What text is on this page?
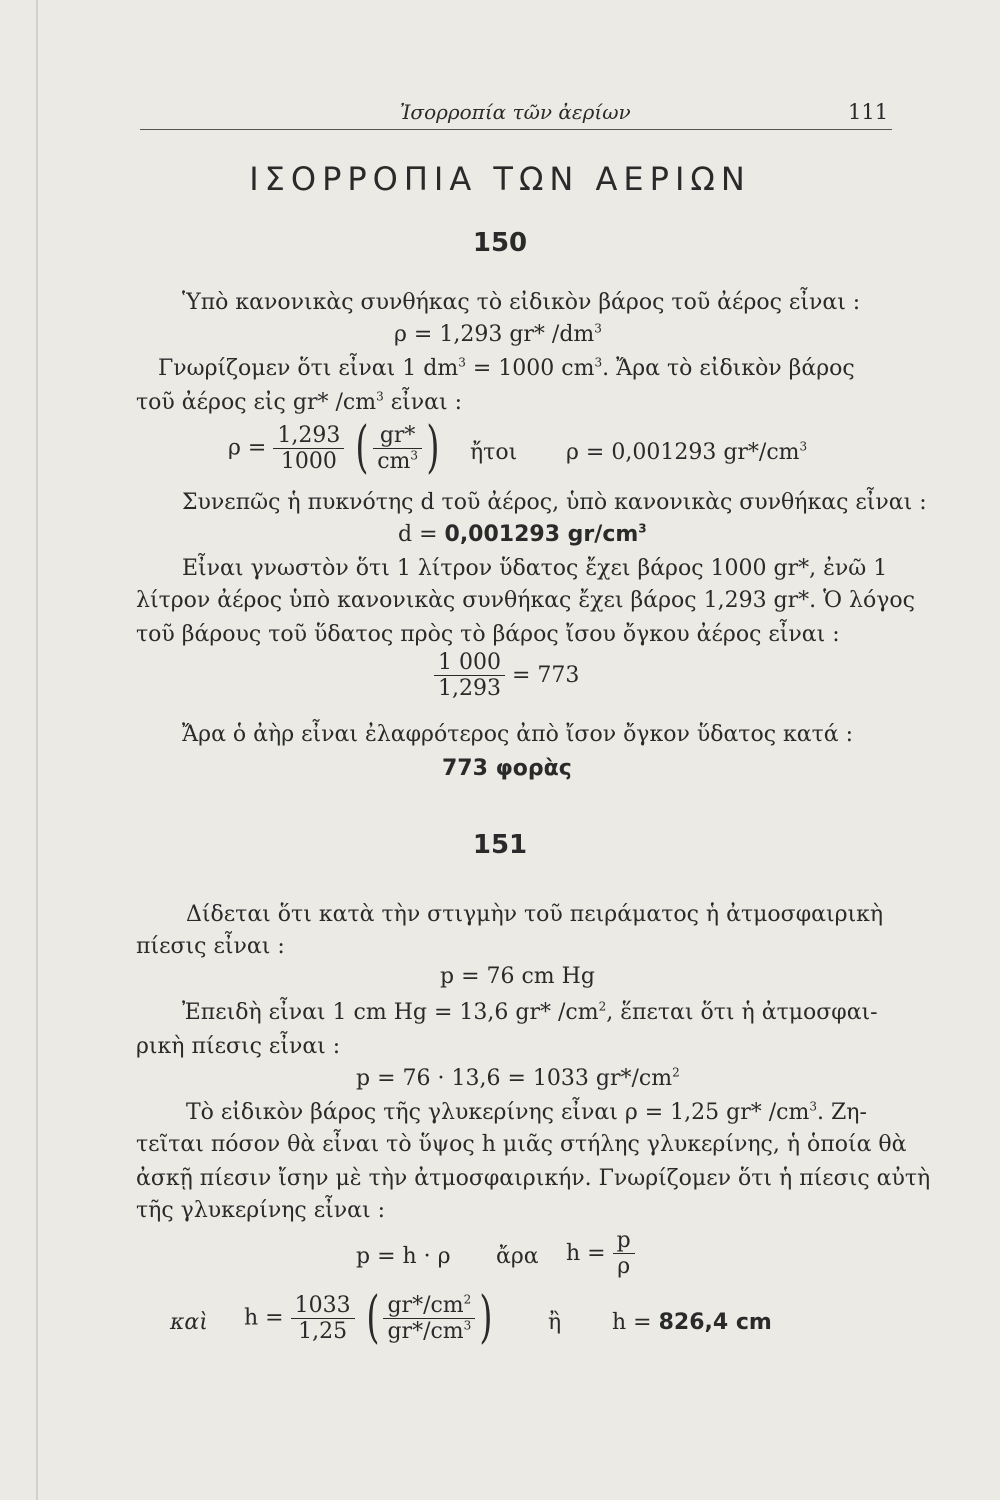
Ἰσορροπία τῶν ἀερίων	111
ΙΣΟΡΡΟΠΙΑ ΤΩΝ ΑΕΡΙΩΝ
150
Ὑπὸ κανονικὰς συνθήκας τὸ εἰδικὸν βάρος τοῦ ἀέρος εἶναι :
ρ = 1,293 gr* $/dm^3$
Γνωρίζομεν ὅτι εἶναι 1 $dm^3 = 1000$ $cm^3$. Ἄρα τὸ εἰδικὸν βάρος
τοῦ ἀέρος εἰς gr* $/cm^3$ εἶναι :
$\rho = \frac{1,293}{1000}$ ( $\frac{gr*}{cm^3}$ ) ἤτοι ρ = 0,001293 $gr*/cm^3$
Συνεπῶς ἡ πυκνότης d τοῦ ἀέρος, ὑπὸ κανονικὰς συνθήκας εἶναι :
d = 0,001293 $gr/cm^3$
Εἶναι γνωστὸν ὅτι 1 λίτρον ὕδατος ἔχει βάρος 1000 gr*, ἐνῶ 1
λίτρον ἀέρος ὑπὸ κανονικὰς συνθήκας ἔχει βάρος 1,293 gr*. Ὁ λόγος
τοῦ βάρους τοῦ ὕδατος πρὸς τὸ βάρος ἴσου ὄγκου ἀέρος εἶναι :
$\frac{1 000}{1,293} = 773$
Ἄρα ὁ ἀὴρ εἶναι ἐλαφρότερος ἀπὸ ἴσον ὄγκον ὕδατος κατά :
773 φορὰς
151
Δίδεται ὅτι κατὰ τὴν στιγμὴν τοῦ πειράματος ἡ ἀτμοσφαιρικὴ
πίεσις εἶναι :
p = 76 cm Hg
Ἐπειδὴ εἶναι 1 cm Hg = 13,6 gr* $/cm^2$, ἕπεται ὅτι ἡ ἀτμοσφαι-
ρικὴ πίεσις εἶναι :
p = 76 · 13,6 = 1033 $gr*/cm^2$
Τὸ εἰδικὸν βάρος τῆς γλυκερίνης εἶναι ρ = 1,25 gr* $/cm^3$. Ζη-
τεῖται πόσον θὰ εἶναι τὸ ὕψος h μιᾶς στήλης γλυκερίνης, ἡ ὁποία θὰ
ἀσκῇ πίεσιν ἴσην μὲ τὴν ἀτμοσφαιρικήν. Γνωρίζομεν ὅτι ἡ πίεσις αὐτὴ
τῆς γλυκερίνης εἶναι :
p = h · ρ ἄρα $h = \frac{p}{\rho}$
καὶ $h = \frac{1033}{1,25}$ ( $\frac{gr*/cm^2}{gr*/cm^3}$ )	ἢ h = 826,4 cm
